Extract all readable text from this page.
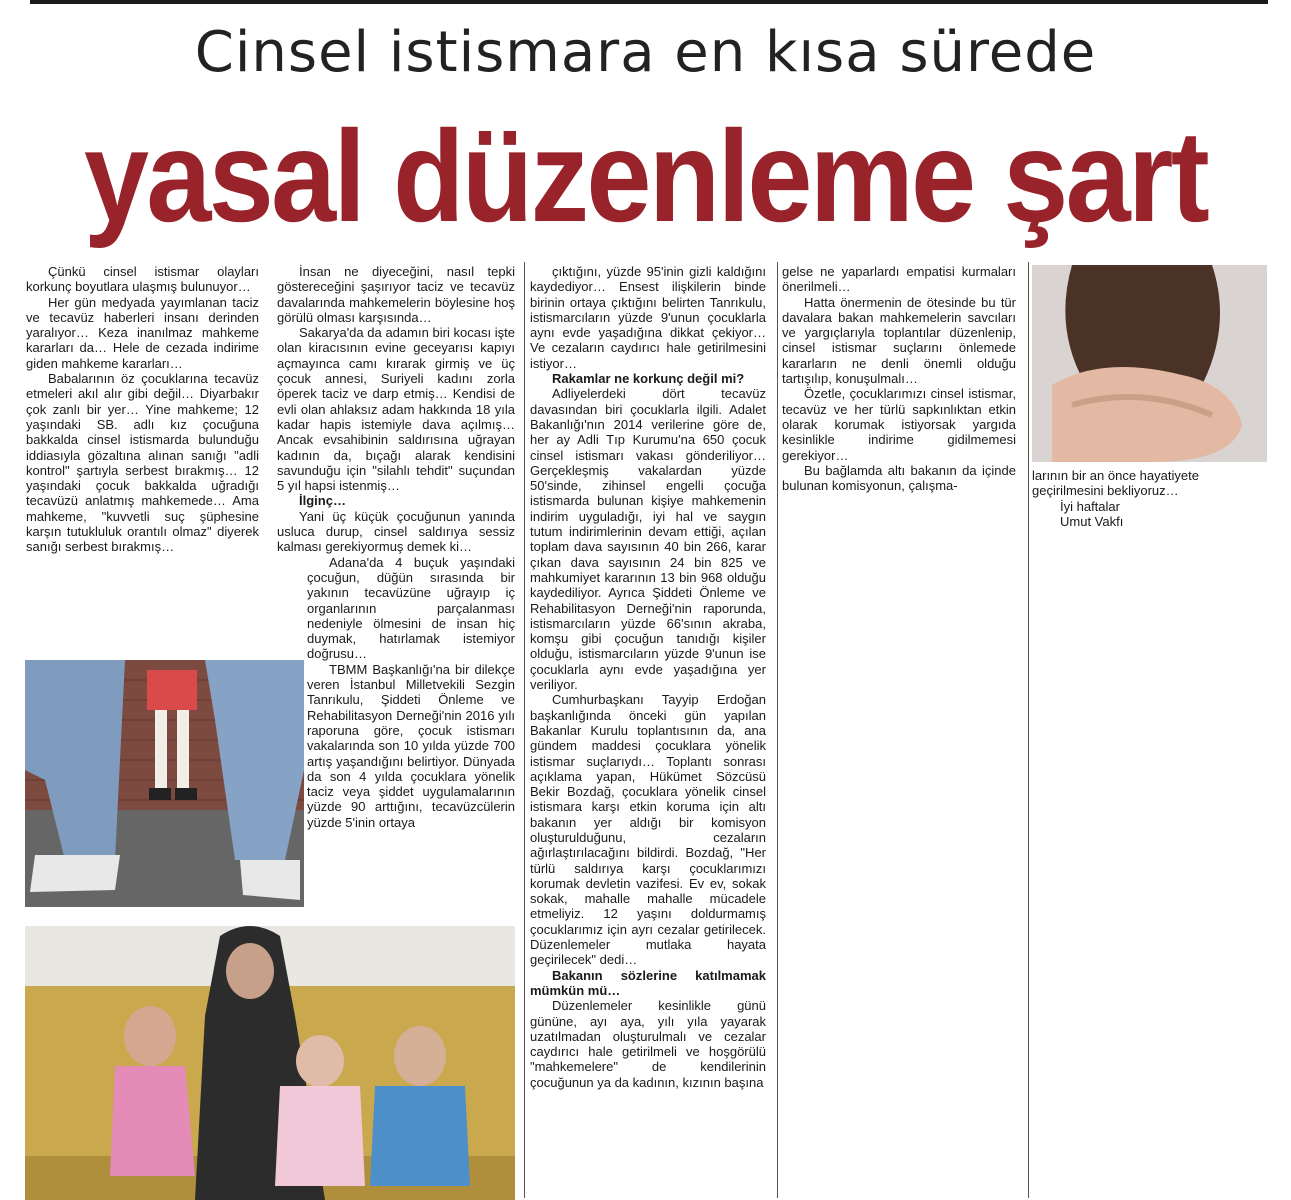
Cinsel istismara en kısa sürede
yasal düzenleme şart

Çünkü cinsel istismar olayları korkunç boyutlara ulaşmış bulunuyor…

Her gün medyada yayımlanan taciz ve tecavüz haberleri insanı derinden yaralıyor… Keza inanılmaz mahkeme kararları da… Hele de cezada indirime giden mahkeme kararları…

Babalarının öz çocuklarına tecavüz etmeleri akıl alır gibi değil… Diyarbakır çok zanlı bir yer… Yine mahkeme; 12 yaşındaki SB. adlı kız çocuğuna bakkalda cinsel istismarda bulunduğu iddiasıyla gözaltına alınan sanığı "adli kontrol" şartıyla serbest bırakmış… 12 yaşındaki çocuk bakkalda uğradığı tecavüzü anlatmış mahkemede… Ama mahkeme, "kuvvetli suç şüphesine karşın tutukluluk orantılı olmaz" diyerek sanığı serbest bırakmış…

İnsan ne diyeceğini, nasıl tepki göstereceğini şaşırıyor taciz ve tecavüz davalarında mahkemelerin böylesine hoş görülü olması karşısında…

Sakarya'da da adamın biri kocası işte olan kiracısının evine geceyarısı kapıyı açmayınca camı kırarak girmiş ve üç çocuk annesi, Suriyeli kadını zorla öperek taciz ve darp etmiş… Kendisi de evli olan ahlaksız adam hakkında 18 yıla kadar hapis istemiyle dava açılmış… Ancak evsahibinin saldırısına uğrayan kadının da, bıçağı alarak kendisini savunduğu için "silahlı tehdit" suçundan 5 yıl hapsi istenmiş…

İlginç…

Yani üç küçük çocuğunun yanında usluca durup, cinsel saldırıya sessiz kalması gerekiyormuş demek ki…

Adana'da 4 buçuk yaşındaki çocuğun, düğün sırasında bir yakının tecavüzüne uğrayıp iç organlarının parçalanması nedeniyle ölmesini de insan hiç duymak, hatırlamak istemiyor doğrusu…

TBMM Başkanlığı'na bir dilekçe veren İstanbul Milletvekili Sezgin Tanrıkulu, Şiddeti Önleme ve Rehabilitasyon Derneği'nin 2016 yılı raporuna göre, çocuk istismarı vakalarında son 10 yılda yüzde 700 artış yaşandığını belirtiyor. Dünyada da son 4 yılda çocuklara yönelik taciz veya şiddet uygulamalarının yüzde 90 arttığını, tecavüzcülerin yüzde 5'inin ortaya

çıktığını, yüzde 95'inin gizli kaldığını kaydediyor… Ensest ilişkilerin binde birinin ortaya çıktığını belirten Tanrıkulu, istismarcıların yüzde 9'unun çocuklarla aynı evde yaşadığına dikkat çekiyor… Ve cezaların caydırıcı hale getirilmesini istiyor…

Rakamlar ne korkunç değil mi?

Adliyelerdeki dört tecavüz davasından biri çocuklarla ilgili. Adalet Bakanlığı'nın 2014 verilerine göre de, her ay Adli Tıp Kurumu'na 650 çocuk cinsel istismarı vakası gönderiliyor… Gerçekleşmiş vakalardan yüzde 50'sinde, zihinsel engelli çocuğa istismarda bulunan kişiye mahkemenin indirim uyguladığı, iyi hal ve saygın tutum indirimlerinin devam ettiği, açılan toplam dava sayısının 40 bin 266, karar çıkan dava sayısının 24 bin 825 ve mahkumiyet kararının 13 bin 968 olduğu kaydediliyor. Ayrıca Şiddeti Önleme ve Rehabilitasyon Derneği'nin raporunda, istismarcıların yüzde 66'sının akraba, komşu gibi çocuğun tanıdığı kişiler olduğu, istismarcıların yüzde 9'unun ise çocuklarla aynı evde yaşadığına yer veriliyor.

Cumhurbaşkanı Tayyip Erdoğan başkanlığında önceki gün yapılan Bakanlar Kurulu toplantısının da, ana gündem maddesi çocuklara yönelik istismar suçlarıydı… Toplantı sonrası açıklama yapan, Hükümet Sözcüsü Bekir Bozdağ, çocuklara yönelik cinsel istismara karşı etkin koruma için altı bakanın yer aldığı bir komisyon oluşturulduğunu, cezaların ağırlaştırılacağını bildirdi. Bozdağ, "Her türlü saldırıya karşı çocuklarımızı korumak devletin vazifesi. Ev ev, sokak sokak, mahalle mahalle mücadele etmeliyiz. 12 yaşını doldurmamış çocuklarımız için ayrı cezalar getirilecek. Düzenlemeler mutlaka hayata geçirilecek" dedi…

Bakanın sözlerine katılmamak mümkün mü…

Düzenlemeler kesinlikle günü gününe, ayı aya, yılı yıla yayarak uzatılmadan oluşturulmalı ve cezalar caydırıcı hale getirilmeli ve hoşgörülü "mahkemelere" de kendilerinin çocuğunun ya da kadının, kızının başına

gelse ne yaparlardı empatisi kurmaları önerilmeli…

Hatta önermenin de ötesinde bu tür davalara bakan mahkemelerin savcıları ve yargıçlarıyla toplantılar düzenlenip, cinsel istismar suçlarını önlemede kararların ne denli önemli olduğu tartışılıp, konuşulmalı…

Özetle, çocuklarımızı cinsel istismar, tecavüz ve her türlü sapkınlıktan etkin olarak korumak istiyorsak yargıda kesinlikle indirime gidilmemesi gerekiyor…

Bu bağlamda altı bakanın da içinde bulunan komisyonun, çalışma-

larının bir an önce hayatiyete geçirilmesini bekliyoruz…

İyi haftalar

Umut Vakfı
